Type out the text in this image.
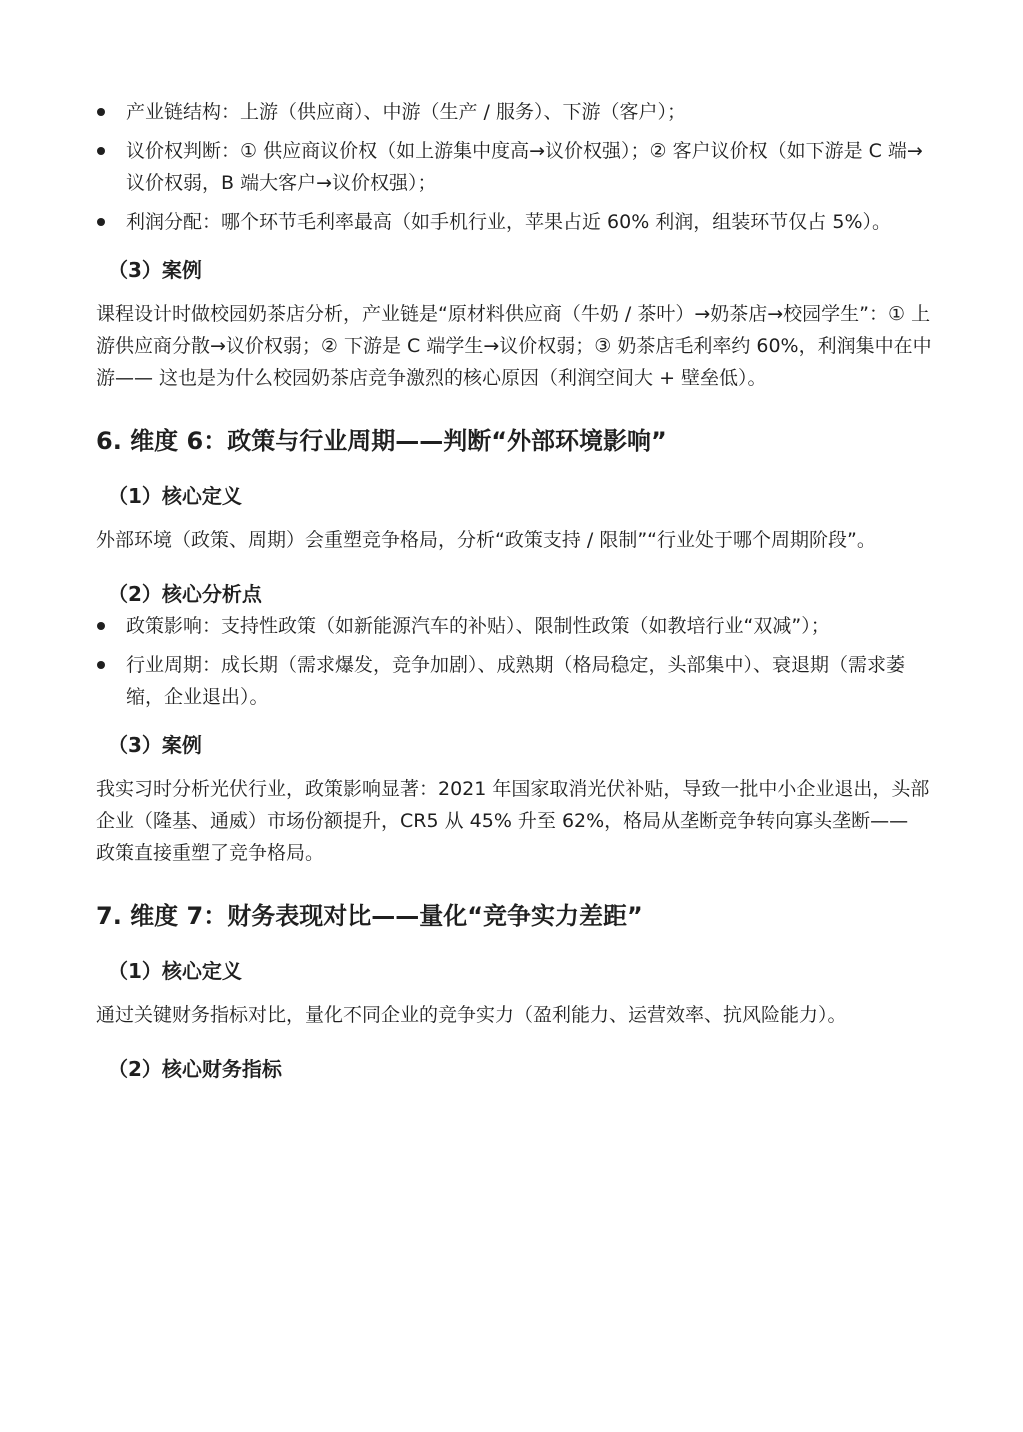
产业链结构：上游（供应商）、中游（生产 / 服务）、下游（客户）；
议价权判断：① 供应商议价权（如上游集中度高→议价权强）；② 客户议价权（如下游是 C 端→议价权弱，B 端大客户→议价权强）；
利润分配：哪个环节毛利率最高（如手机行业，苹果占近 60% 利润，组装环节仅占 5%）。

（3）案例

课程设计时做校园奶茶店分析，产业链是“原材料供应商（牛奶 / 茶叶）→奶茶店→校园学生”：① 上游供应商分散→议价权弱；② 下游是 C 端学生→议价权弱；③ 奶茶店毛利率约 60%，利润集中在中游—— 这也是为什么校园奶茶店竞争激烈的核心原因（利润空间大 + 壁垒低）。

6. 维度 6：政策与行业周期——判断“外部环境影响”

（1）核心定义

外部环境（政策、周期）会重塑竞争格局，分析“政策支持 / 限制”“行业处于哪个周期阶段”。

（2）核心分析点

政策影响：支持性政策（如新能源汽车的补贴）、限制性政策（如教培行业“双减”）；
行业周期：成长期（需求爆发，竞争加剧）、成熟期（格局稳定，头部集中）、衰退期（需求萎缩，企业退出）。

（3）案例

我实习时分析光伏行业，政策影响显著：2021 年国家取消光伏补贴，导致一批中小企业退出，头部企业（隆基、通威）市场份额提升，CR5 从 45% 升至 62%，格局从垄断竞争转向寡头垄断—— 政策直接重塑了竞争格局。

7. 维度 7：财务表现对比——量化“竞争实力差距”

（1）核心定义

通过关键财务指标对比，量化不同企业的竞争实力（盈利能力、运营效率、抗风险能力）。

（2）核心财务指标
